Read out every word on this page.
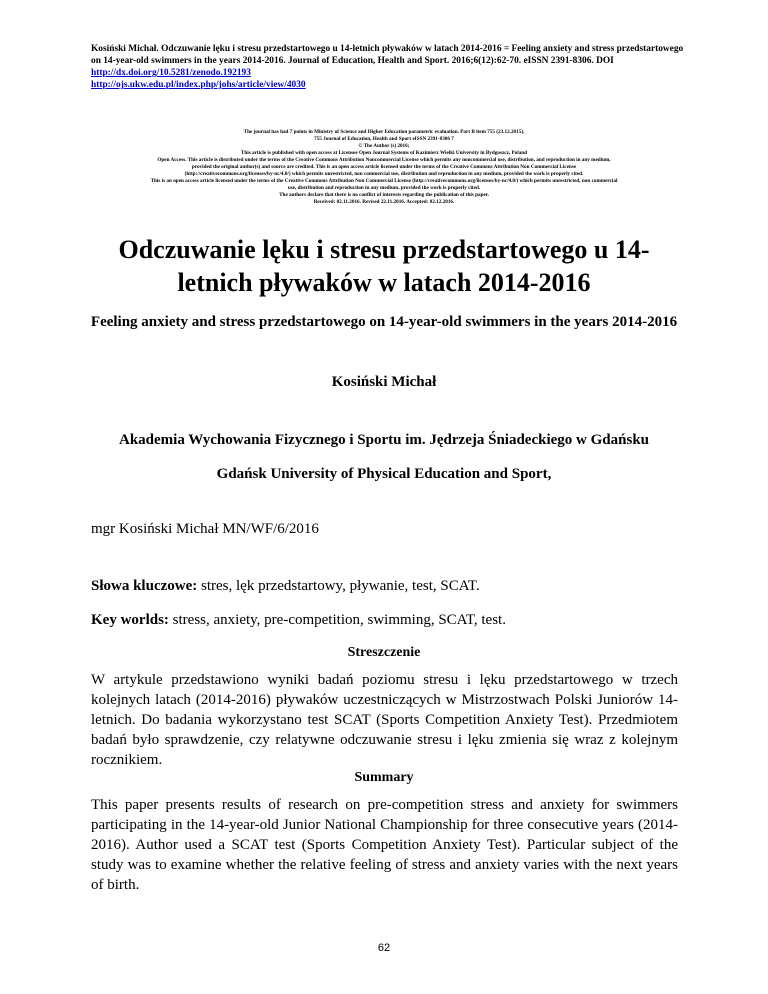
Kosiński Michał. Odczuwanie lęku i stresu przedstartowego u 14-letnich pływaków w latach 2014-2016 = Feeling anxiety and stress przedstartowego on 14-year-old swimmers in the years 2014-2016. Journal of Education, Health and Sport. 2016;6(12):62-70. eISSN 2391-8306. DOI http://dx.doi.org/10.5281/zenodo.192193
http://ojs.ukw.edu.pl/index.php/johs/article/view/4030
The journal has had 7 points in Ministry of Science and Higher Education parametric evaluation. Part B item 755 (23.12.2015).
755 Journal of Education, Health and Sport eISSN 2391-8306 7
© The Author (s) 2016;
This article is published with open access at Licensee Open Journal Systems of Kazimierz Wielki University in Bydgoszcz, Poland
Open Access. This article is distributed under the terms of the Creative Commons Attribution Noncommercial License which permits any noncommercial use, distribution, and reproduction in any medium,
provided the original author(s) and source are credited. This is an open access article licensed under the terms of the Creative Commons Attribution Non Commercial License
(http://creativecommons.org/licenses/by-nc/4.0/) which permits unrestricted, non commercial use, distribution and reproduction in any medium, provided the work is properly cited.
This is an open access article licensed under the terms of the Creative Commons Attribution Non Commercial License (http://creativecommons.org/licenses/by-nc/4.0/) which permits unrestricted, non commercial
use, distribution and reproduction in any medium, provided the work is properly cited.
The authors declare that there is no conflict of interests regarding the publication of this paper.
Received: 02.11.2016. Revised 22.11.2016. Accepted: 02.12.2016.
Odczuwanie lęku i stresu przedstartowego u 14-letnich pływaków w latach 2014-2016
Feeling anxiety and stress przedstartowego on 14-year-old swimmers in the years 2014-2016
Kosiński Michał
Akademia Wychowania Fizycznego i Sportu im. Jędrzeja Śniadeckiego w Gdańsku
Gdańsk University of Physical Education and Sport,
mgr Kosiński Michał MN/WF/6/2016
Słowa kluczowe: stres, lęk przedstartowy, pływanie, test, SCAT.
Key worlds: stress, anxiety, pre-competition, swimming, SCAT, test.
Streszczenie

W artykule przedstawiono wyniki badań poziomu stresu i lęku przedstartowego w trzech kolejnych latach (2014-2016) pływaków uczestniczących w Mistrzostwach Polski Juniorów 14-letnich. Do badania wykorzystano test SCAT (Sports Competition Anxiety Test). Przedmiotem badań było sprawdzenie, czy relatywne odczuwanie stresu i lęku zmienia się wraz z kolejnym rocznikiem.

Summary

This paper presents results of research on pre-competition stress and anxiety for swimmers participating in the 14-year-old Junior National Championship for three consecutive years (2014-2016). Author used a SCAT test (Sports Competition Anxiety Test). Particular subject of the study was to examine whether the relative feeling of stress and anxiety varies with the next years of birth.

62
